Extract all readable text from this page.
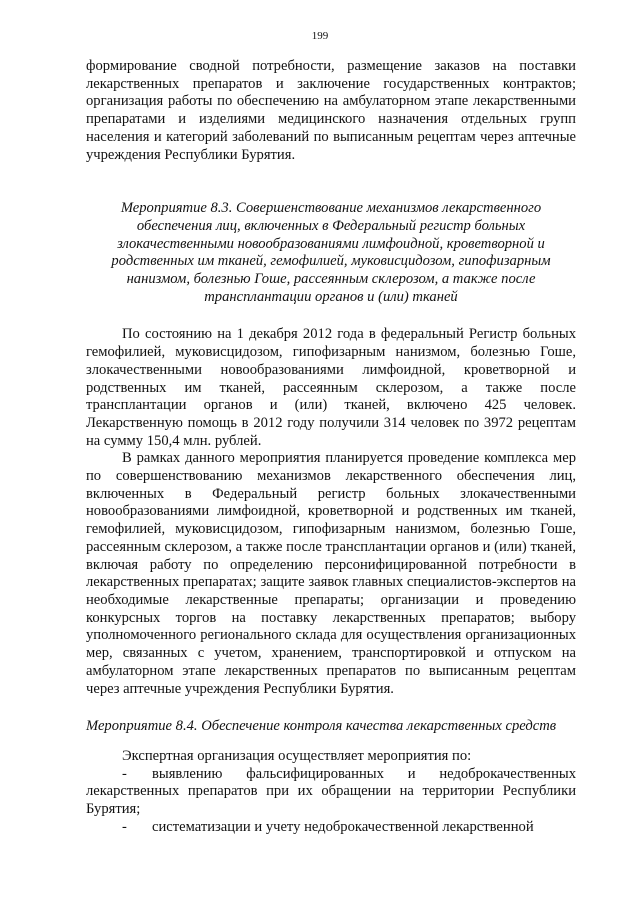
199

формирование сводной потребности, размещение заказов на поставки лекарственных препаратов и заключение государственных контрактов; организация работы по обеспечению на амбулаторном этапе лекарственными препаратами и изделиями медицинского назначения отдельных групп населения и категорий заболеваний по выписанным рецептам через аптечные учреждения Республики Бурятия.

Мероприятие 8.3. Совершенствование механизмов лекарственного обеспечения лиц, включенных в Федеральный регистр больных злокачественными новообразованиями лимфоидной, кроветворной и родственных им тканей, гемофилией, муковисцидозом, гипофизарным нанизмом, болезнью Гоше, рассеянным склерозом, а также после трансплантации органов и (или) тканей

По состоянию на 1 декабря 2012 года в федеральный Регистр больных гемофилией, муковисцидозом, гипофизарным нанизмом, болезнью Гоше, злокачественными новообразованиями лимфоидной, кроветворной и родственных им тканей, рассеянным склерозом, а также после трансплантации органов и (или) тканей, включено 425 человек. Лекарственную помощь в 2012 году получили 314 человек по 3972 рецептам на сумму 150,4 млн. рублей.

В рамках данного мероприятия планируется проведение комплекса мер по совершенствованию механизмов лекарственного обеспечения лиц, включенных в Федеральный регистр больных злокачественными новообразованиями лимфоидной, кроветворной и родственных им тканей, гемофилией, муковисцидозом, гипофизарным нанизмом, болезнью Гоше, рассеянным склерозом, а также после трансплантации органов и (или) тканей, включая работу по определению персонифицированной потребности в лекарственных препаратах; защите заявок главных специалистов-экспертов на необходимые лекарственные препараты; организации и проведению конкурсных торгов на поставку лекарственных препаратов; выбору уполномоченного регионального склада для осуществления организационных мер, связанных с учетом, хранением, транспортировкой и отпуском на амбулаторном этапе лекарственных препаратов по выписанным рецептам через аптечные учреждения Республики Бурятия.

Мероприятие 8.4. Обеспечение контроля качества лекарственных средств

Экспертная организация осуществляет мероприятия по:

- выявлению фальсифицированных и недоброкачественных лекарственных препаратов при их обращении на территории Республики Бурятия;

- систематизации и учету недоброкачественной лекарственной
